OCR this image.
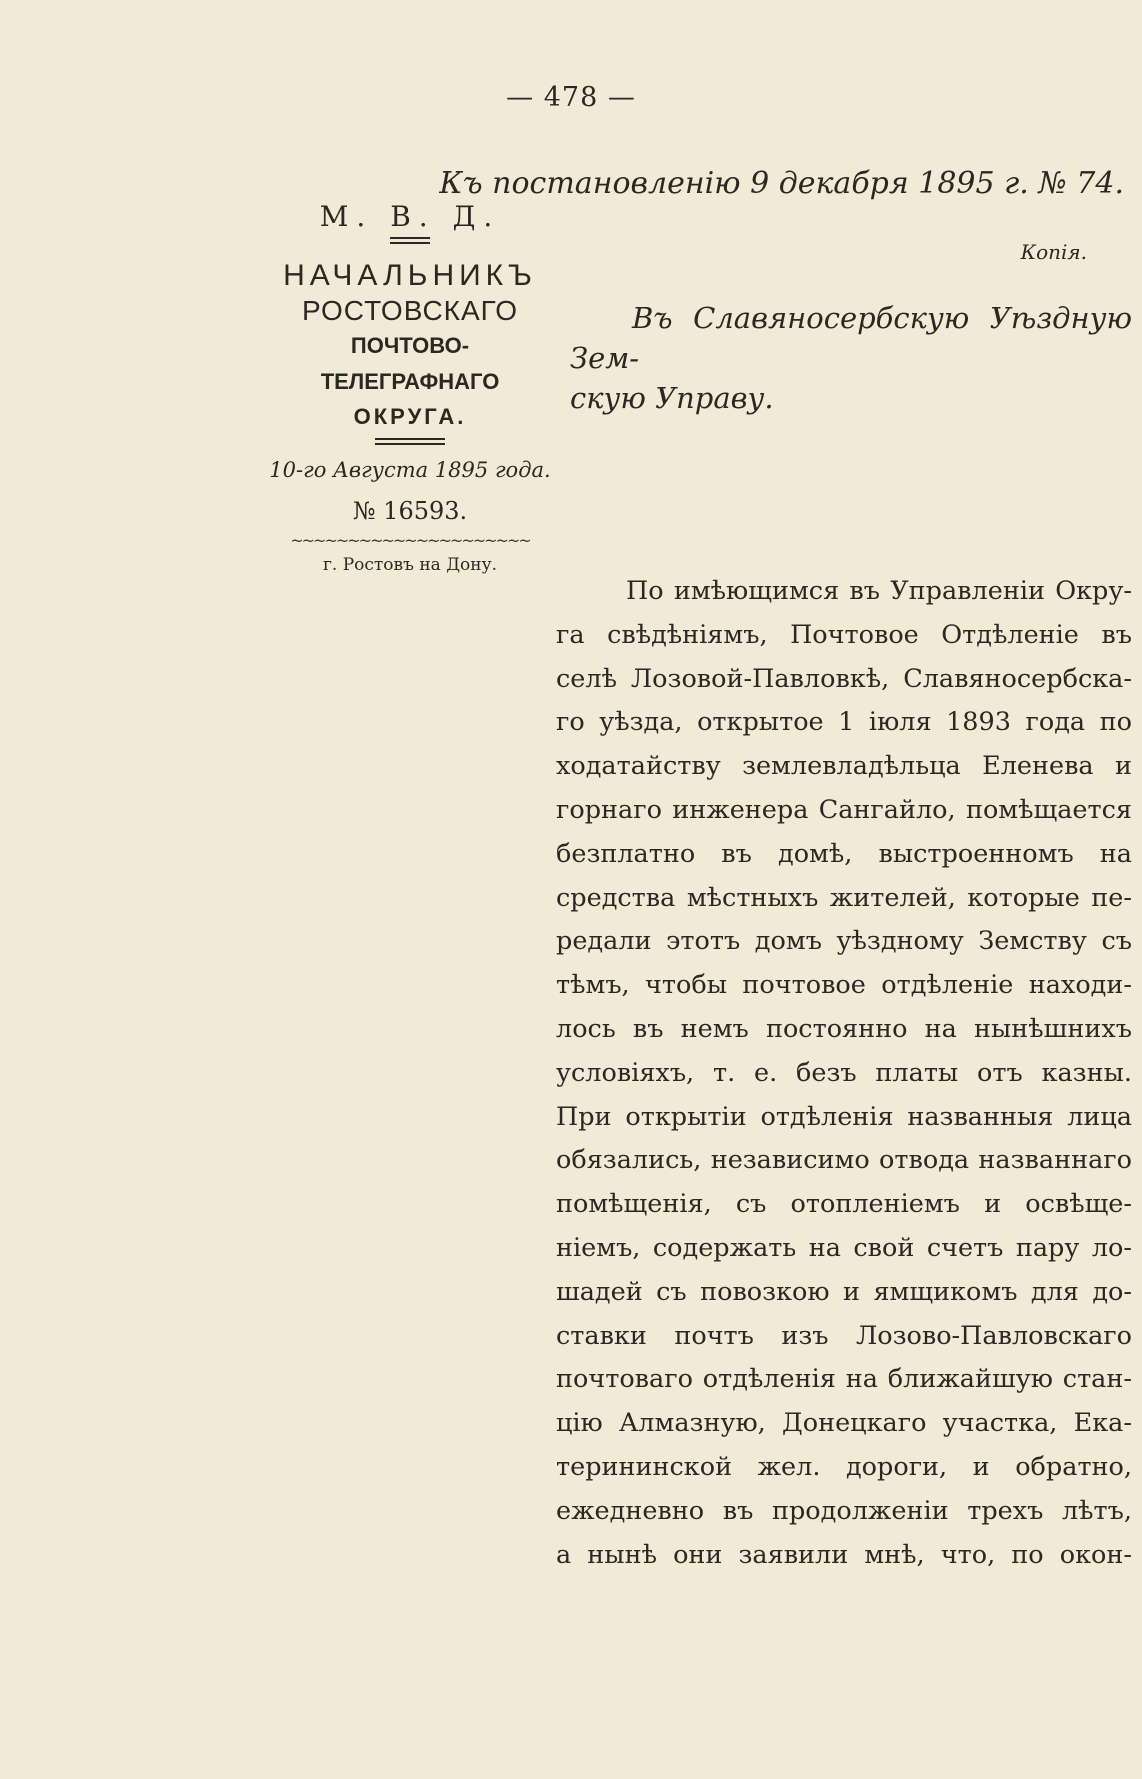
— 478 —
Къ постановленію 9 декабря 1895 г. № 74.
Копія.
М. В. Д.
НАЧАЛЬНИКЪ
РОСТОВСКАГО
ПОЧТОВО-ТЕЛЕГРАФНАГО
ОКРУГА.
10-го Августа 1895 года.
№ 16593.
~~~~~~~~~~~~~~~~~~~~~
г. Ростовъ на Дону.
Въ Славяносербскую Уѣздную Зем-
скую Управу.
По имѣющимся въ Управленіи Окру-
га свѣдѣніямъ, Почтовое Отдѣленіе въ
селѣ Лозовой-Павловкѣ, Славяносербска-
го уѣзда, открытое 1 іюля 1893 года по
ходатайству землевладѣльца Еленева и
горнаго инженера Сангайло, помѣщается
безплатно въ домѣ, выстроенномъ на
средства мѣстныхъ жителей, которые пе-
редали этотъ домъ уѣздному Земству съ
тѣмъ, чтобы почтовое отдѣленіе находи-
лось въ немъ постоянно на нынѣшнихъ
условіяхъ, т. е. безъ платы отъ казны.
При открытіи отдѣленія названныя лица
обязались, независимо отвода названнаго
помѣщенія, съ отопленіемъ и освѣще-
ніемъ, содержать на свой счетъ пару ло-
шадей съ повозкою и ямщикомъ для до-
ставки почтъ изъ Лозово-Павловскаго
почтоваго отдѣленія на ближайшую стан-
цію Алмазную, Донецкаго участка, Ека-
терининской жел. дороги, и обратно,
ежедневно въ продолженіи трехъ лѣтъ,
а нынѣ они заявили мнѣ, что, по окон-
